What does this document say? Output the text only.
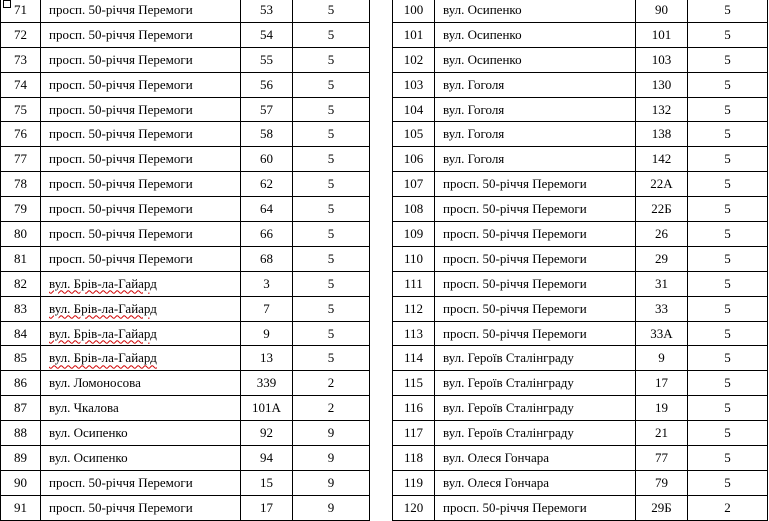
71	просп. 50-річчя Перемоги	53	5
72	просп. 50-річчя Перемоги	54	5
73	просп. 50-річчя Перемоги	55	5
74	просп. 50-річчя Перемоги	56	5
75	просп. 50-річчя Перемоги	57	5
76	просп. 50-річчя Перемоги	58	5
77	просп. 50-річчя Перемоги	60	5
78	просп. 50-річчя Перемоги	62	5
79	просп. 50-річчя Перемоги	64	5
80	просп. 50-річчя Перемоги	66	5
81	просп. 50-річчя Перемоги	68	5
82	вул. Брів-ла-Гайард	3	5
83	вул. Брів-ла-Гайард	7	5
84	вул. Брів-ла-Гайард	9	5
85	вул. Брів-ла-Гайард	13	5
86	вул. Ломоносова	339	2
87	вул. Чкалова	101А	2
88	вул. Осипенко	92	9
89	вул. Осипенко	94	9
90	просп. 50-річчя Перемоги	15	9
91	просп. 50-річчя Перемоги	17	9
100	вул. Осипенко	90	5
101	вул. Осипенко	101	5
102	вул. Осипенко	103	5
103	вул. Гоголя	130	5
104	вул. Гоголя	132	5
105	вул. Гоголя	138	5
106	вул. Гоголя	142	5
107	просп. 50-річчя Перемоги	22А	5
108	просп. 50-річчя Перемоги	22Б	5
109	просп. 50-річчя Перемоги	26	5
110	просп. 50-річчя Перемоги	29	5
111	просп. 50-річчя Перемоги	31	5
112	просп. 50-річчя Перемоги	33	5
113	просп. 50-річчя Перемоги	33А	5
114	вул. Героїв Сталінграду	9	5
115	вул. Героїв Сталінграду	17	5
116	вул. Героїв Сталінграду	19	5
117	вул. Героїв Сталінграду	21	5
118	вул. Олеся Гончара	77	5
119	вул. Олеся Гончара	79	5
120	просп. 50-річчя Перемоги	29Б	2
